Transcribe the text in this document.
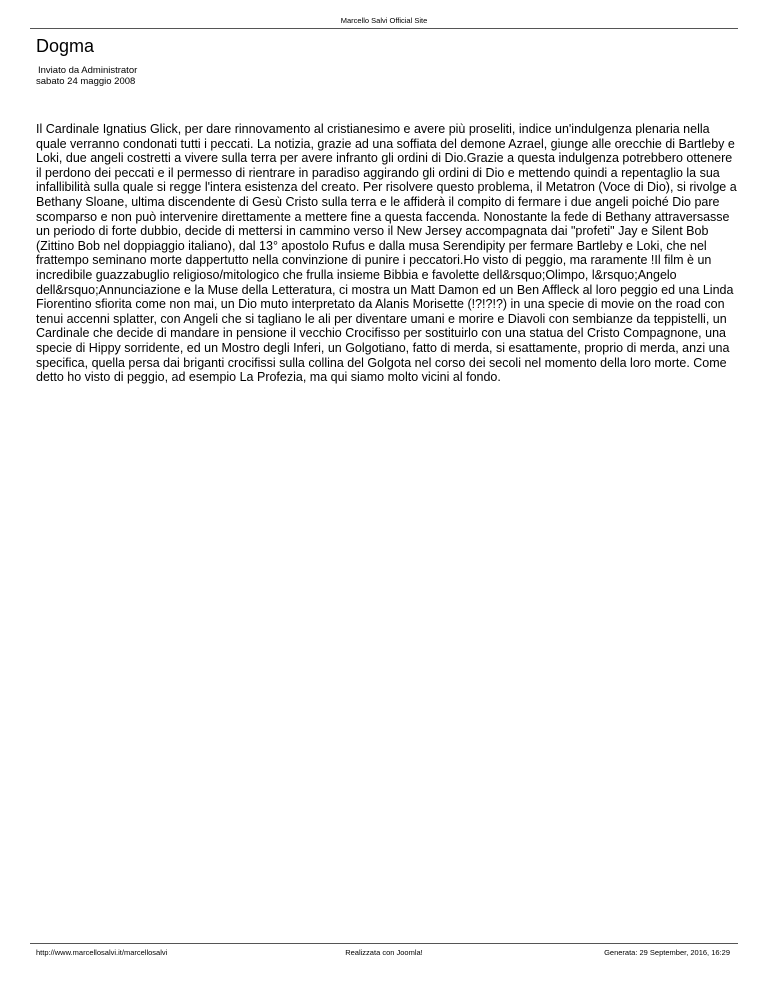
Marcello Salvi Official Site
Dogma
Inviato da Administrator
sabato 24 maggio 2008

Il Cardinale Ignatius Glick, per dare rinnovamento al cristianesimo e avere più proseliti, indice un'indulgenza plenaria nella quale verranno condonati tutti i peccati. La notizia, grazie ad una soffiata del demone Azrael, giunge alle orecchie di Bartleby e Loki, due angeli costretti a vivere sulla terra per avere infranto gli ordini di Dio.Grazie a questa indulgenza potrebbero ottenere il perdono dei peccati e il permesso di rientrare in paradiso aggirando gli ordini di Dio e mettendo quindi a repentaglio la sua infallibilità sulla quale si regge l'intera esistenza del creato. Per risolvere questo problema, il Metatron (Voce di Dio), si rivolge a Bethany Sloane, ultima discendente di Gesù Cristo sulla terra e le affiderà il compito di fermare i due angeli poiché Dio pare scomparso e non può intervenire direttamente a mettere fine a questa faccenda. Nonostante la fede di Bethany attraversasse un periodo di forte dubbio, decide di mettersi in cammino verso il New Jersey accompagnata dai "profeti" Jay e Silent Bob (Zittino Bob nel doppiaggio italiano), dal 13° apostolo Rufus e dalla musa Serendipity per fermare Bartleby e Loki, che nel frattempo seminano morte dappertutto nella convinzione di punire i peccatori.Ho visto di peggio, ma raramente !Il film è un incredibile guazzabuglio religioso/mitologico che frulla insieme Bibbia e favolette dell&rsquo;Olimpo, l&rsquo;Angelo dell&rsquo;Annunciazione e la Muse della Letteratura, ci mostra un Matt Damon ed un Ben Affleck al loro peggio ed una Linda Fiorentino sfiorita come non mai, un Dio muto interpretato da Alanis Morisette (!?!?!?) in una specie di movie on the road con tenui accenni splatter, con Angeli che si tagliano le ali per diventare umani e morire e Diavoli con sembianze da teppistelli, un Cardinale che decide di mandare in pensione il vecchio Crocifisso per sostituirlo con una statua del Cristo Compagnone, una specie di Hippy sorridente, ed un Mostro degli Inferi, un Golgotiano, fatto di merda, si esattamente, proprio di merda, anzi una specifica, quella persa dai briganti crocifissi sulla collina del Golgota nel corso dei secoli nel momento della loro morte. Come detto ho visto di peggio, ad esempio La Profezia, ma qui siamo molto vicini al fondo.

http://www.marcellosalvi.it/marcellosalvi	Realizzata con Joomla!	Generata: 29 September, 2016, 16:29
